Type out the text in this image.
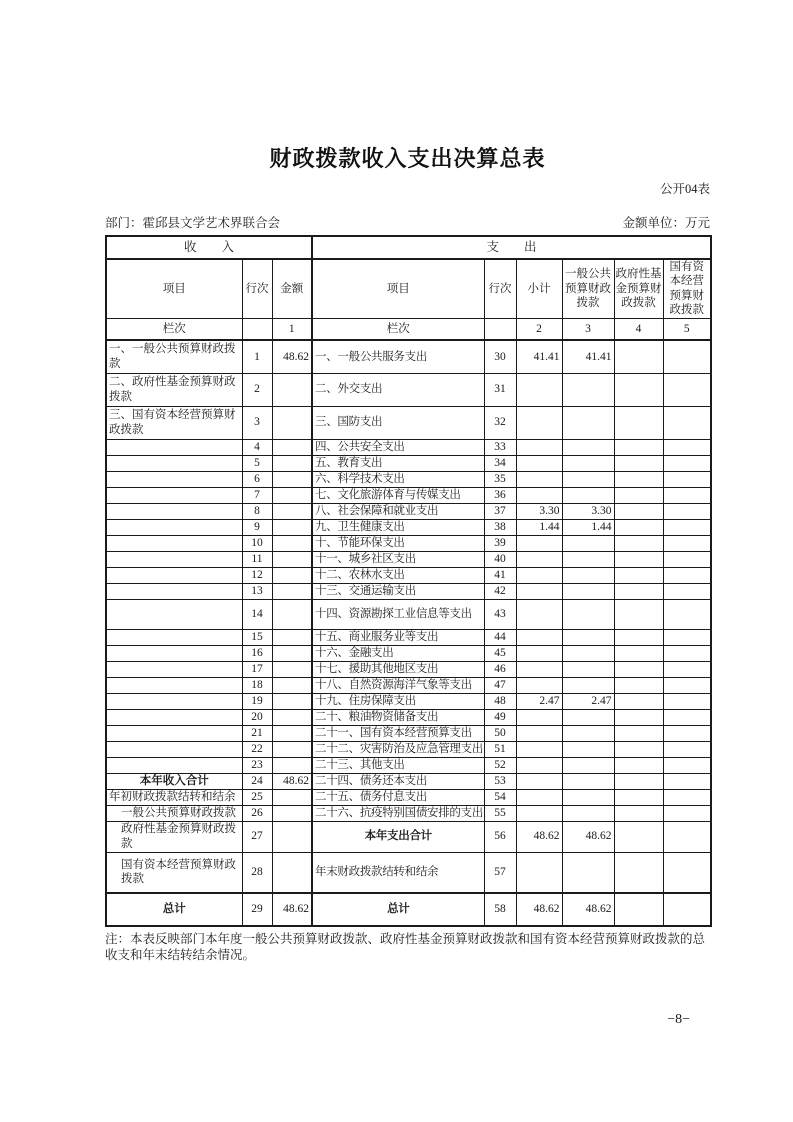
财政拨款收入支出决算总表
公开04表
部门：霍邱县文学艺术界联合会	金额单位：万元
收　　入			支　　出					
项目	行次	金额	项目	行次	小计	一般公共预算财政拨款	政府性基金预算财政拨款	国有资本经营预算财政拨款
栏次		1	栏次		2	3	4	5
一、一般公共预算财政拨款	1	48.62	一、一般公共服务支出	30	41.41	41.41		
二、政府性基金预算财政拨款	2		二、外交支出	31				
三、国有资本经营预算财政拨款	3		三、国防支出	32				
	4		四、公共安全支出	33				
	5		五、教育支出	34				
	6		六、科学技术支出	35				
	7		七、文化旅游体育与传媒支出	36				
	8		八、社会保障和就业支出	37	3.30	3.30		
	9		九、卫生健康支出	38	1.44	1.44		
	10		十、节能环保支出	39				
	11		十一、城乡社区支出	40				
	12		十二、农林水支出	41				
	13		十三、交通运输支出	42				
	14		十四、资源勘探工业信息等支出	43				
	15		十五、商业服务业等支出	44				
	16		十六、金融支出	45				
	17		十七、援助其他地区支出	46				
	18		十八、自然资源海洋气象等支出	47				
	19		十九、住房保障支出	48	2.47	2.47		
	20		二十、粮油物资储备支出	49				
	21		二十一、国有资本经营预算支出	50				
	22		二十二、灾害防治及应急管理支出	51				
	23		二十三、其他支出	52				
本年收入合计	24	48.62	二十四、债务还本支出	53				
年初财政拨款结转和结余	25		二十五、债务付息支出	54				
一般公共预算财政拨款	26		二十六、抗疫特别国债安排的支出	55				
政府性基金预算财政拨款	27		本年支出合计	56	48.62	48.62		
国有资本经营预算财政拨款	28		年末财政拨款结转和结余	57				
总计	29	48.62	总计	58	48.62	48.62		
注：本表反映部门本年度一般公共预算财政拨款、政府性基金预算财政拨款和国有资本经营预算财政拨款的总收支和年末结转结余情况。
−8−
